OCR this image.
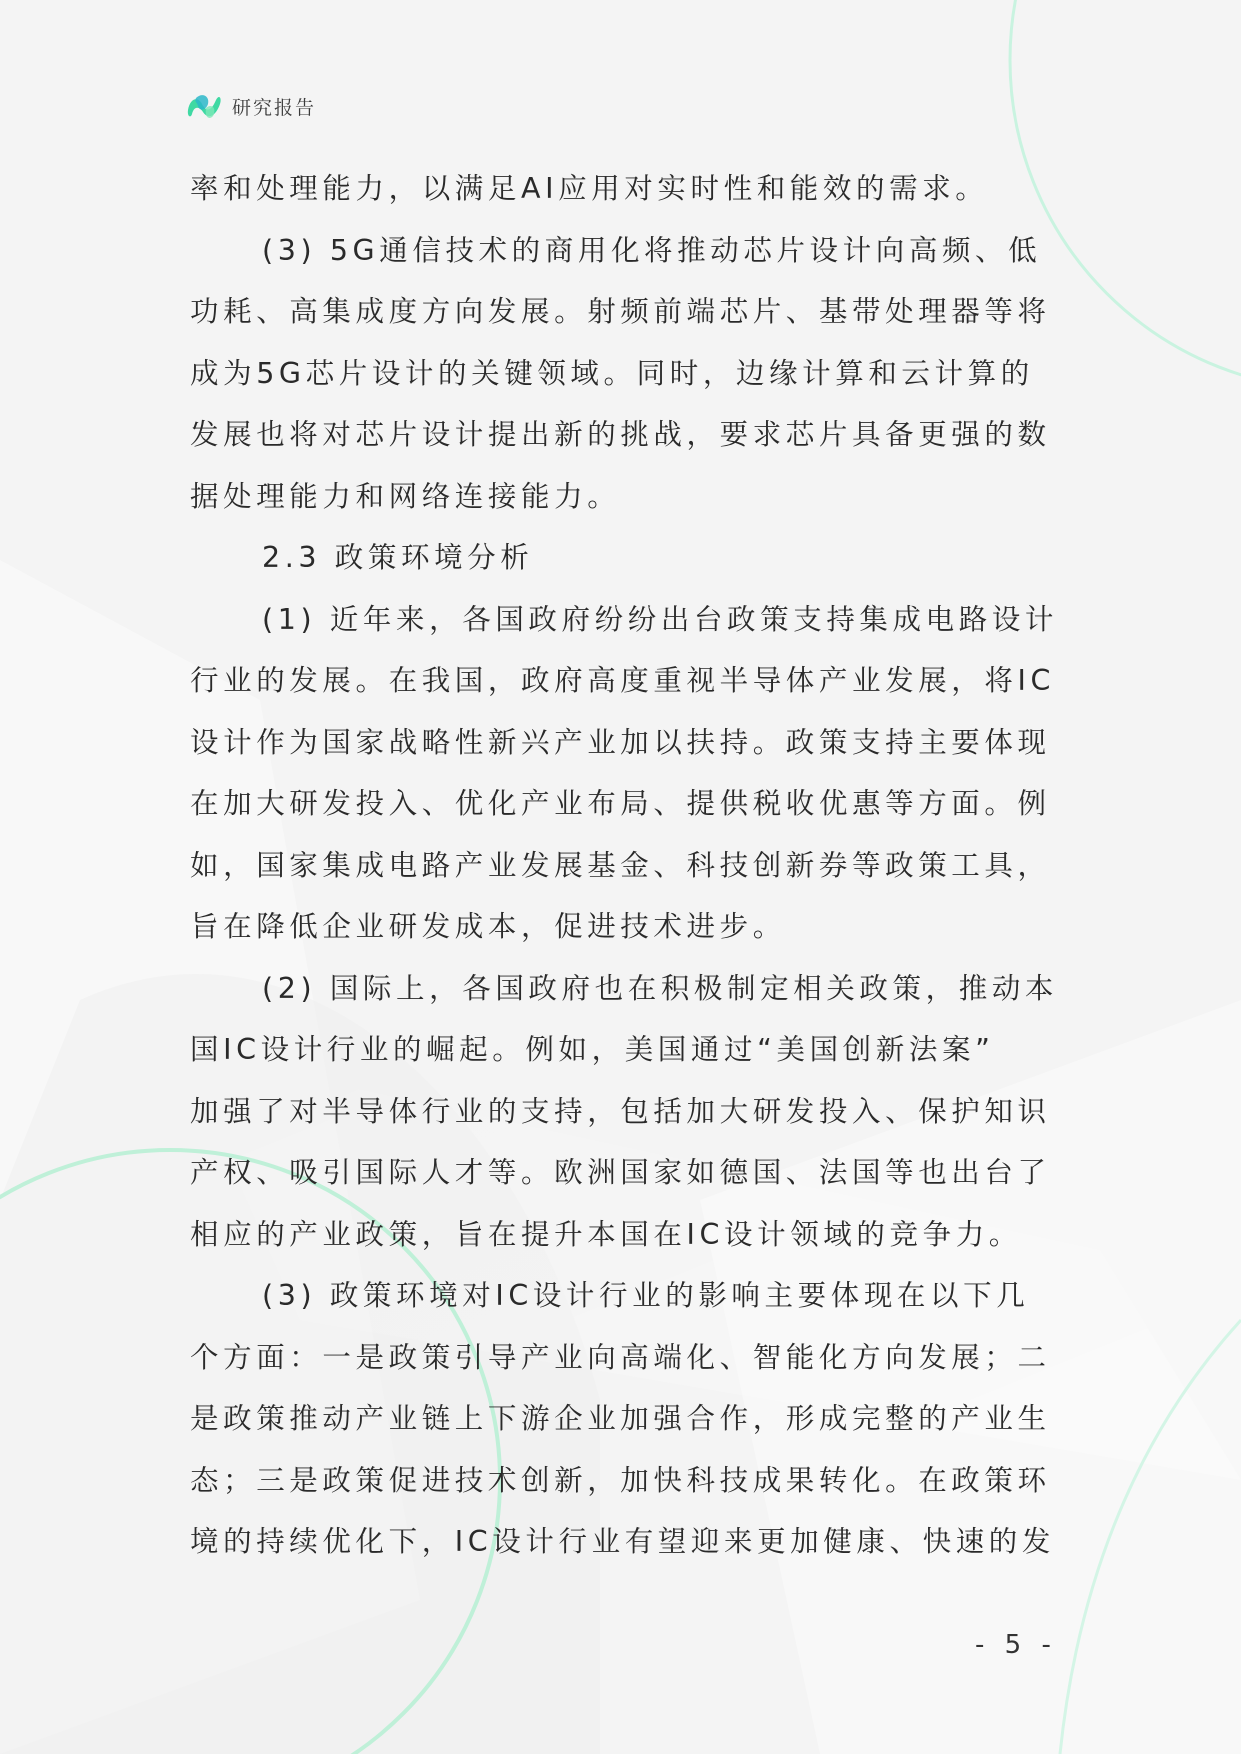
研究报告
率和处理能力，以满足AI应用对实时性和能效的需求。
(3) 5G通信技术的商用化将推动芯片设计向高频、低
功耗、高集成度方向发展。射频前端芯片、基带处理器等将
成为5G芯片设计的关键领域。同时，边缘计算和云计算的
发展也将对芯片设计提出新的挑战，要求芯片具备更强的数
据处理能力和网络连接能力。
2.3 政策环境分析
(1) 近年来，各国政府纷纷出台政策支持集成电路设计
行业的发展。在我国，政府高度重视半导体产业发展，将IC
设计作为国家战略性新兴产业加以扶持。政策支持主要体现
在加大研发投入、优化产业布局、提供税收优惠等方面。例
如，国家集成电路产业发展基金、科技创新券等政策工具，
旨在降低企业研发成本，促进技术进步。
(2) 国际上，各国政府也在积极制定相关政策，推动本
国IC设计行业的崛起。例如，美国通过“美国创新法案”
加强了对半导体行业的支持，包括加大研发投入、保护知识
产权、吸引国际人才等。欧洲国家如德国、法国等也出台了
相应的产业政策，旨在提升本国在IC设计领域的竞争力。
(3) 政策环境对IC设计行业的影响主要体现在以下几
个方面：一是政策引导产业向高端化、智能化方向发展；二
是政策推动产业链上下游企业加强合作，形成完整的产业生
态；三是政策促进技术创新，加快科技成果转化。在政策环
境的持续优化下，IC设计行业有望迎来更加健康、快速的发
- 5 -
